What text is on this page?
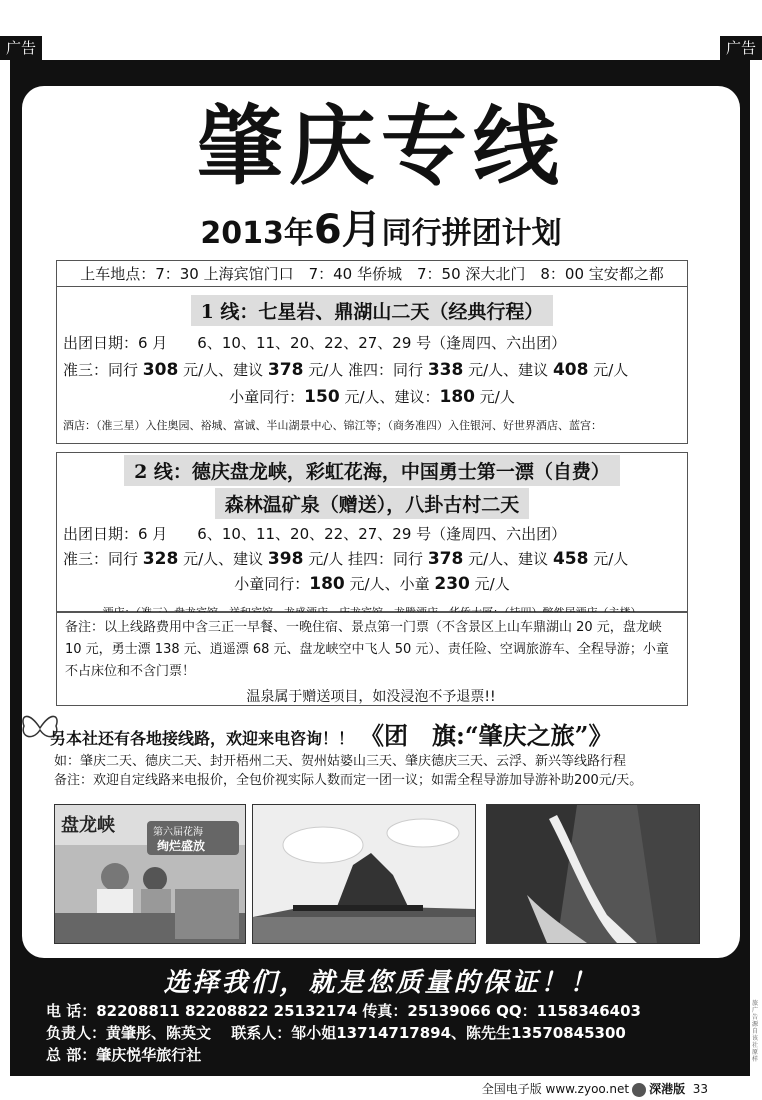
广告	广告
肇庆专线
2013年6月同行拼团计划
上车地点：7：30 上海宾馆门口　7：40 华侨城　7：50 深大北门　8：00 宝安都之都
1 线：七星岩、鼎湖山二天（经典行程）
出团日期：6 月　　6、10、11、20、22、27、29 号（逢周四、六出团）
准三：同行 308 元/人、建议 378 元/人 准四：同行 338 元/人、建议 408 元/人
小童同行：150 元/人、建议：180 元/人
酒店：（准三星）入住奥园、裕城、富诚、半山湖景中心、锦江等；（商务准四）入住银河、好世界酒店、蓝宫：
2 线：德庆盘龙峡，彩虹花海，中国勇士第一漂（自费）
森林温矿泉（赠送），八卦古村二天
出团日期：6 月　　6、10、11、20、22、27、29 号（逢周四、六出团）
准三：同行 328 元/人、建议 398 元/人 挂四：同行 378 元/人、建议 458 元/人
小童同行：180 元/人、小童 230 元/人
备注：以上线路费用中含三正一早餐、一晚住宿、景点第一门票（不含景区上山车鼎湖山 20 元，盘龙峡 10 元，勇士漂 138 元、逍遥漂 68 元、盘龙峡空中飞人 50 元）、责任险、空调旅游车、全程导游；小童不占床位和不含门票！
温泉属于赠送项目，如没浸泡不予退票!!
另本社还有各地接线路，欢迎来电咨询！！ 《团　旗:“肇庆之旅”》
如：肇庆二天、德庆二天、封开梧州二天、贺州姑婆山三天、肇庆德庆三天、云浮、新兴等线路行程
备注：欢迎自定线路来电报价，全包价视实际人数而定一团一议；如需全程导游加导游补助200元/天。
盘龙峡	第六届花海
绚烂盛放
选择我们，就是您质量的保证！！
电 话：82208811 82208822 25132174 传真：25139066 QQ：1158346403
负责人：黄肇彤、陈英文　 联系人：邹小姐13714717894、陈先生13570845300
总 部：肇庆悦华旅行社
全国电子版 www.zyoo.net 深港版 33
旅广告源自该社原样
